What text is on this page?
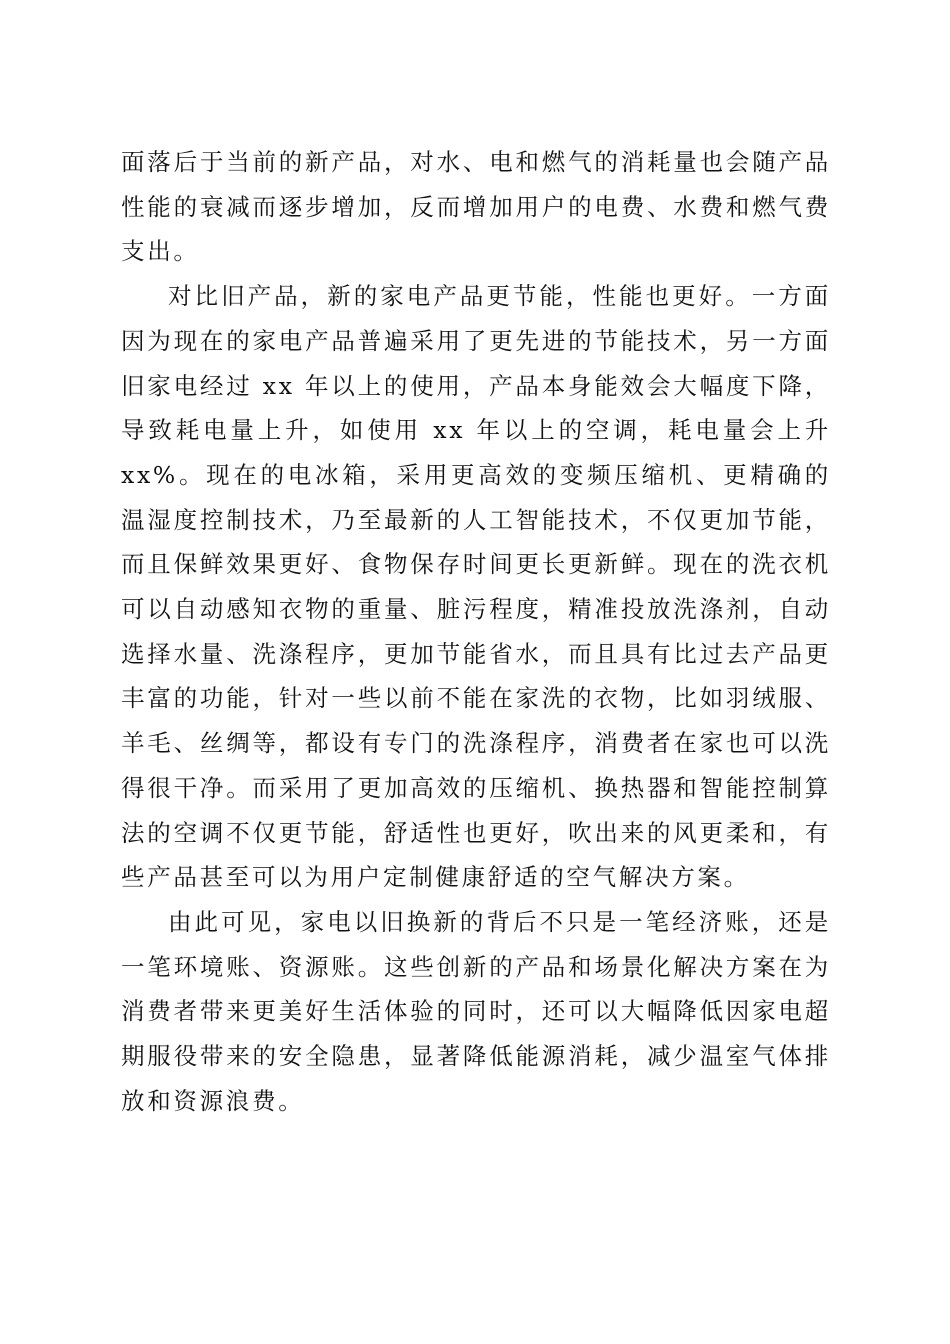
面落后于当前的新产品，对水、电和燃气的消耗量也会随产品性能的衰减而逐步增加，反而增加用户的电费、水费和燃气费支出。

对比旧产品，新的家电产品更节能，性能也更好。一方面因为现在的家电产品普遍采用了更先进的节能技术，另一方面旧家电经过 xx 年以上的使用，产品本身能效会大幅度下降，导致耗电量上升，如使用 xx 年以上的空调，耗电量会上升 xx%。现在的电冰箱，采用更高效的变频压缩机、更精确的温湿度控制技术，乃至最新的人工智能技术，不仅更加节能，而且保鲜效果更好、食物保存时间更长更新鲜。现在的洗衣机可以自动感知衣物的重量、脏污程度，精准投放洗涤剂，自动选择水量、洗涤程序，更加节能省水，而且具有比过去产品更丰富的功能，针对一些以前不能在家洗的衣物，比如羽绒服、羊毛、丝绸等，都设有专门的洗涤程序，消费者在家也可以洗得很干净。而采用了更加高效的压缩机、换热器和智能控制算法的空调不仅更节能，舒适性也更好，吹出来的风更柔和，有些产品甚至可以为用户定制健康舒适的空气解决方案。

由此可见，家电以旧换新的背后不只是一笔经济账，还是一笔环境账、资源账。这些创新的产品和场景化解决方案在为消费者带来更美好生活体验的同时，还可以大幅降低因家电超期服役带来的安全隐患，显著降低能源消耗，减少温室气体排放和资源浪费。
